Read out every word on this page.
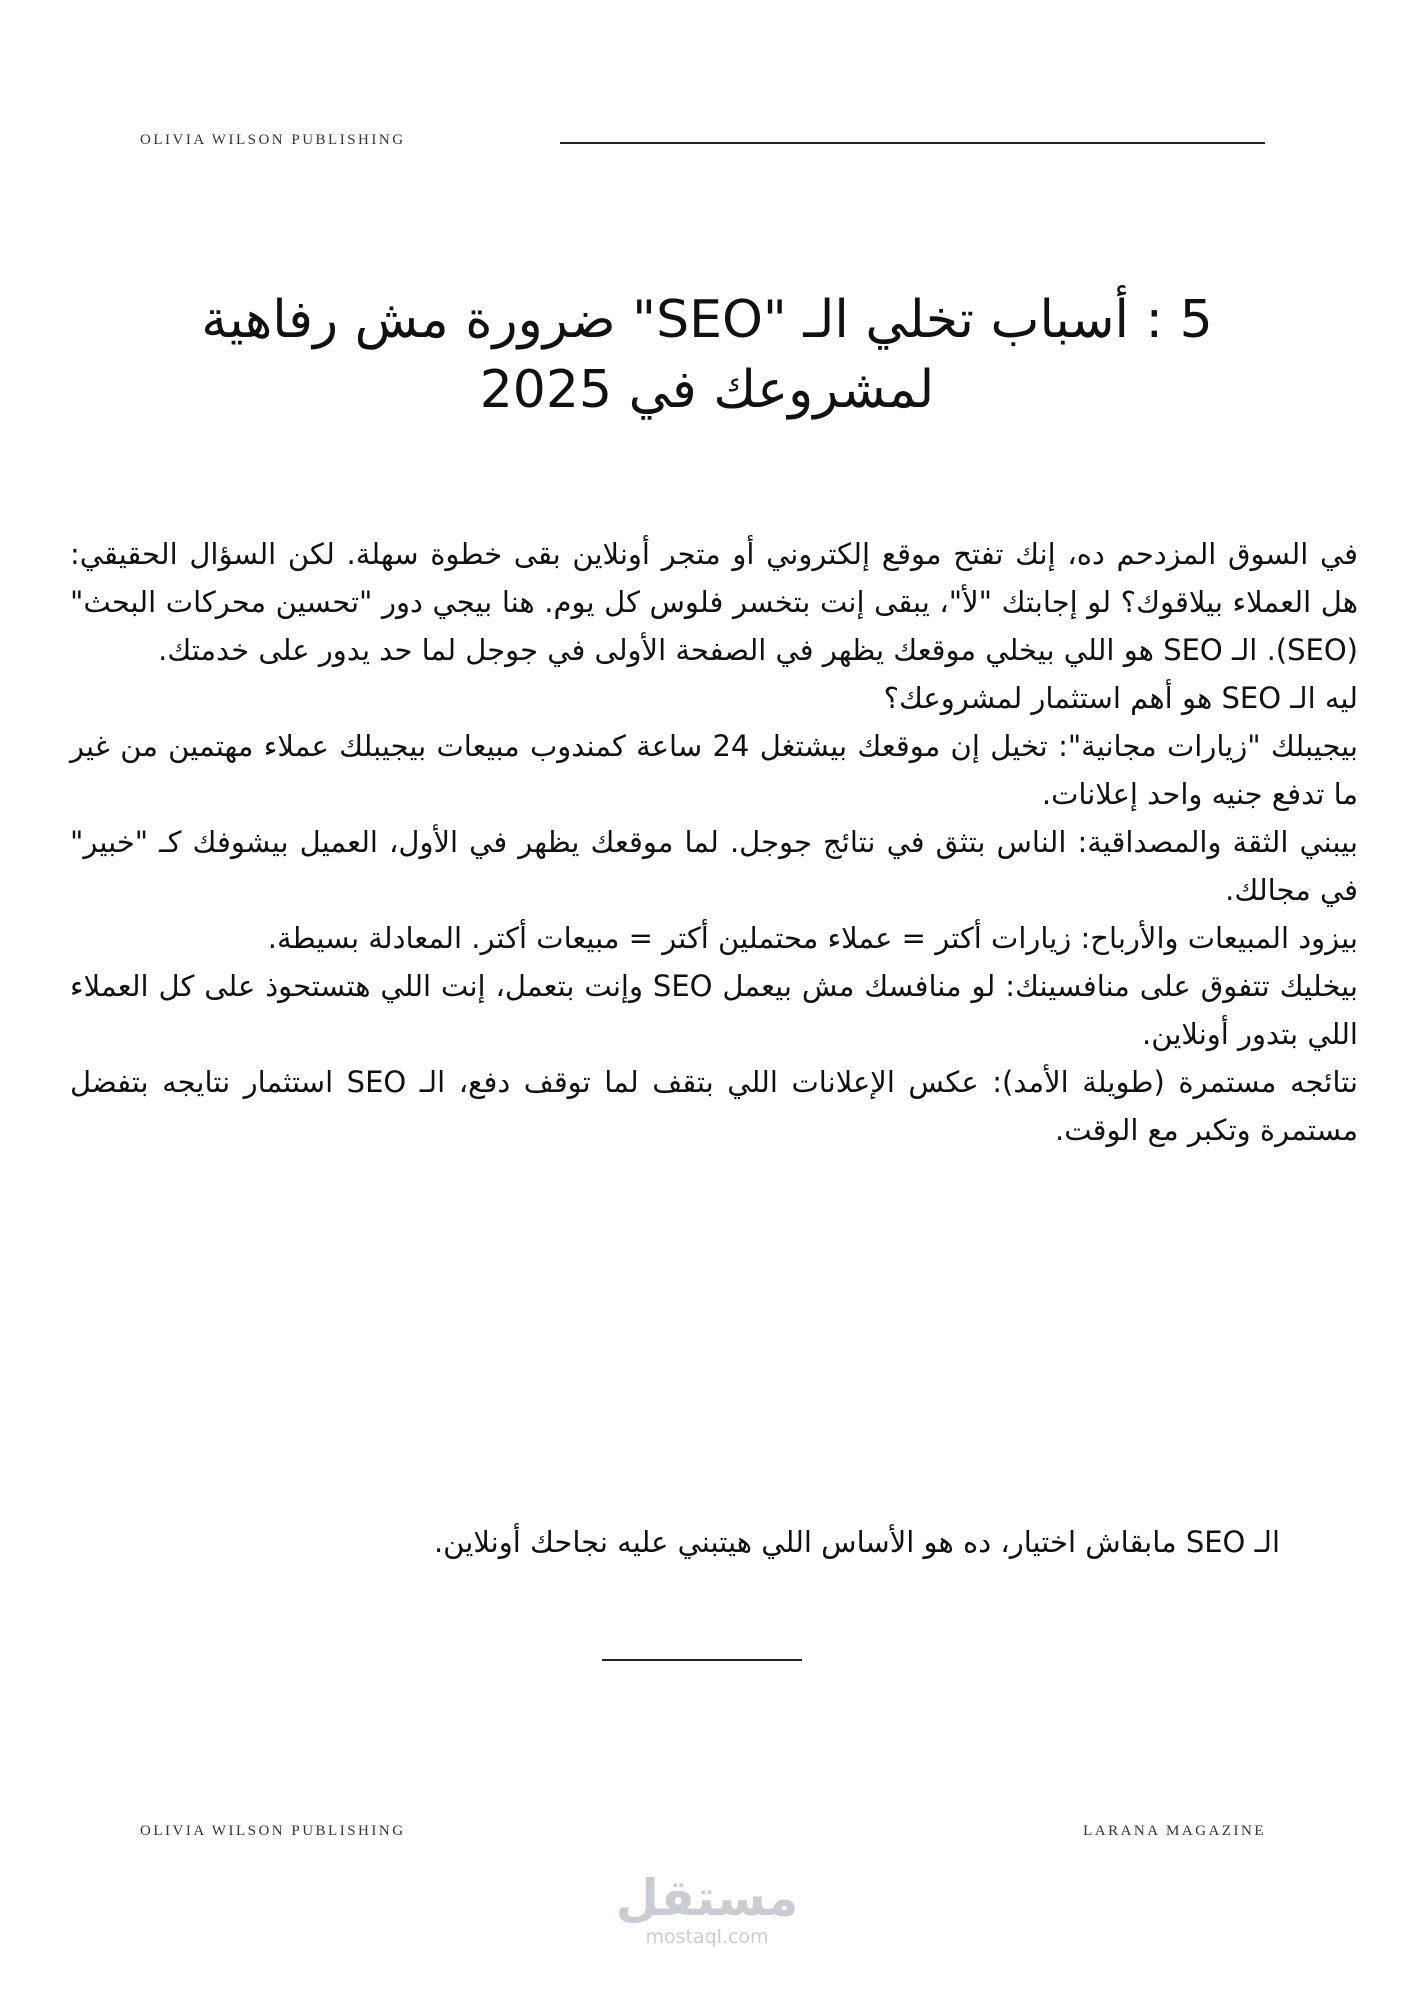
OLIVIA WILSON PUBLISHING
5 : أسباب تخلي الـ "SEO" ضرورة مش رفاهية لمشروعك في 2025

في السوق المزدحم ده، إنك تفتح موقع إلكتروني أو متجر أونلاين بقى خطوة سهلة. لكن السؤال الحقيقي: هل العملاء بيلاقوك؟ لو إجابتك "لأ"، يبقى إنت بتخسر فلوس كل يوم. هنا بيجي دور "تحسين محركات البحث" (SEO). الـ SEO هو اللي بيخلي موقعك يظهر في الصفحة الأولى في جوجل لما حد يدور على خدمتك.

ليه الـ SEO هو أهم استثمار لمشروعك؟

بيجيبلك "زيارات مجانية": تخيل إن موقعك بيشتغل 24 ساعة كمندوب مبيعات بيجيبلك عملاء مهتمين من غير ما تدفع جنيه واحد إعلانات.

بيبني الثقة والمصداقية: الناس بتثق في نتائج جوجل. لما موقعك يظهر في الأول، العميل بيشوفك كـ "خبير" في مجالك.

بيزود المبيعات والأرباح: زيارات أكتر = عملاء محتملين أكتر = مبيعات أكتر. المعادلة بسيطة.

بيخليك تتفوق على منافسينك: لو منافسك مش بيعمل SEO وإنت بتعمل، إنت اللي هتستحوذ على كل العملاء اللي بتدور أونلاين.

نتائجه مستمرة (طويلة الأمد): عكس الإعلانات اللي بتقف لما توقف دفع، الـ SEO استثمار نتايجه بتفضل مستمرة وتكبر مع الوقت.

الـ SEO مابقاش اختيار، ده هو الأساس اللي هيتبني عليه نجاحك أونلاين.

OLIVIA WILSON PUBLISHING	LARANA MAGAZINE
مستقل
mostaql.com
